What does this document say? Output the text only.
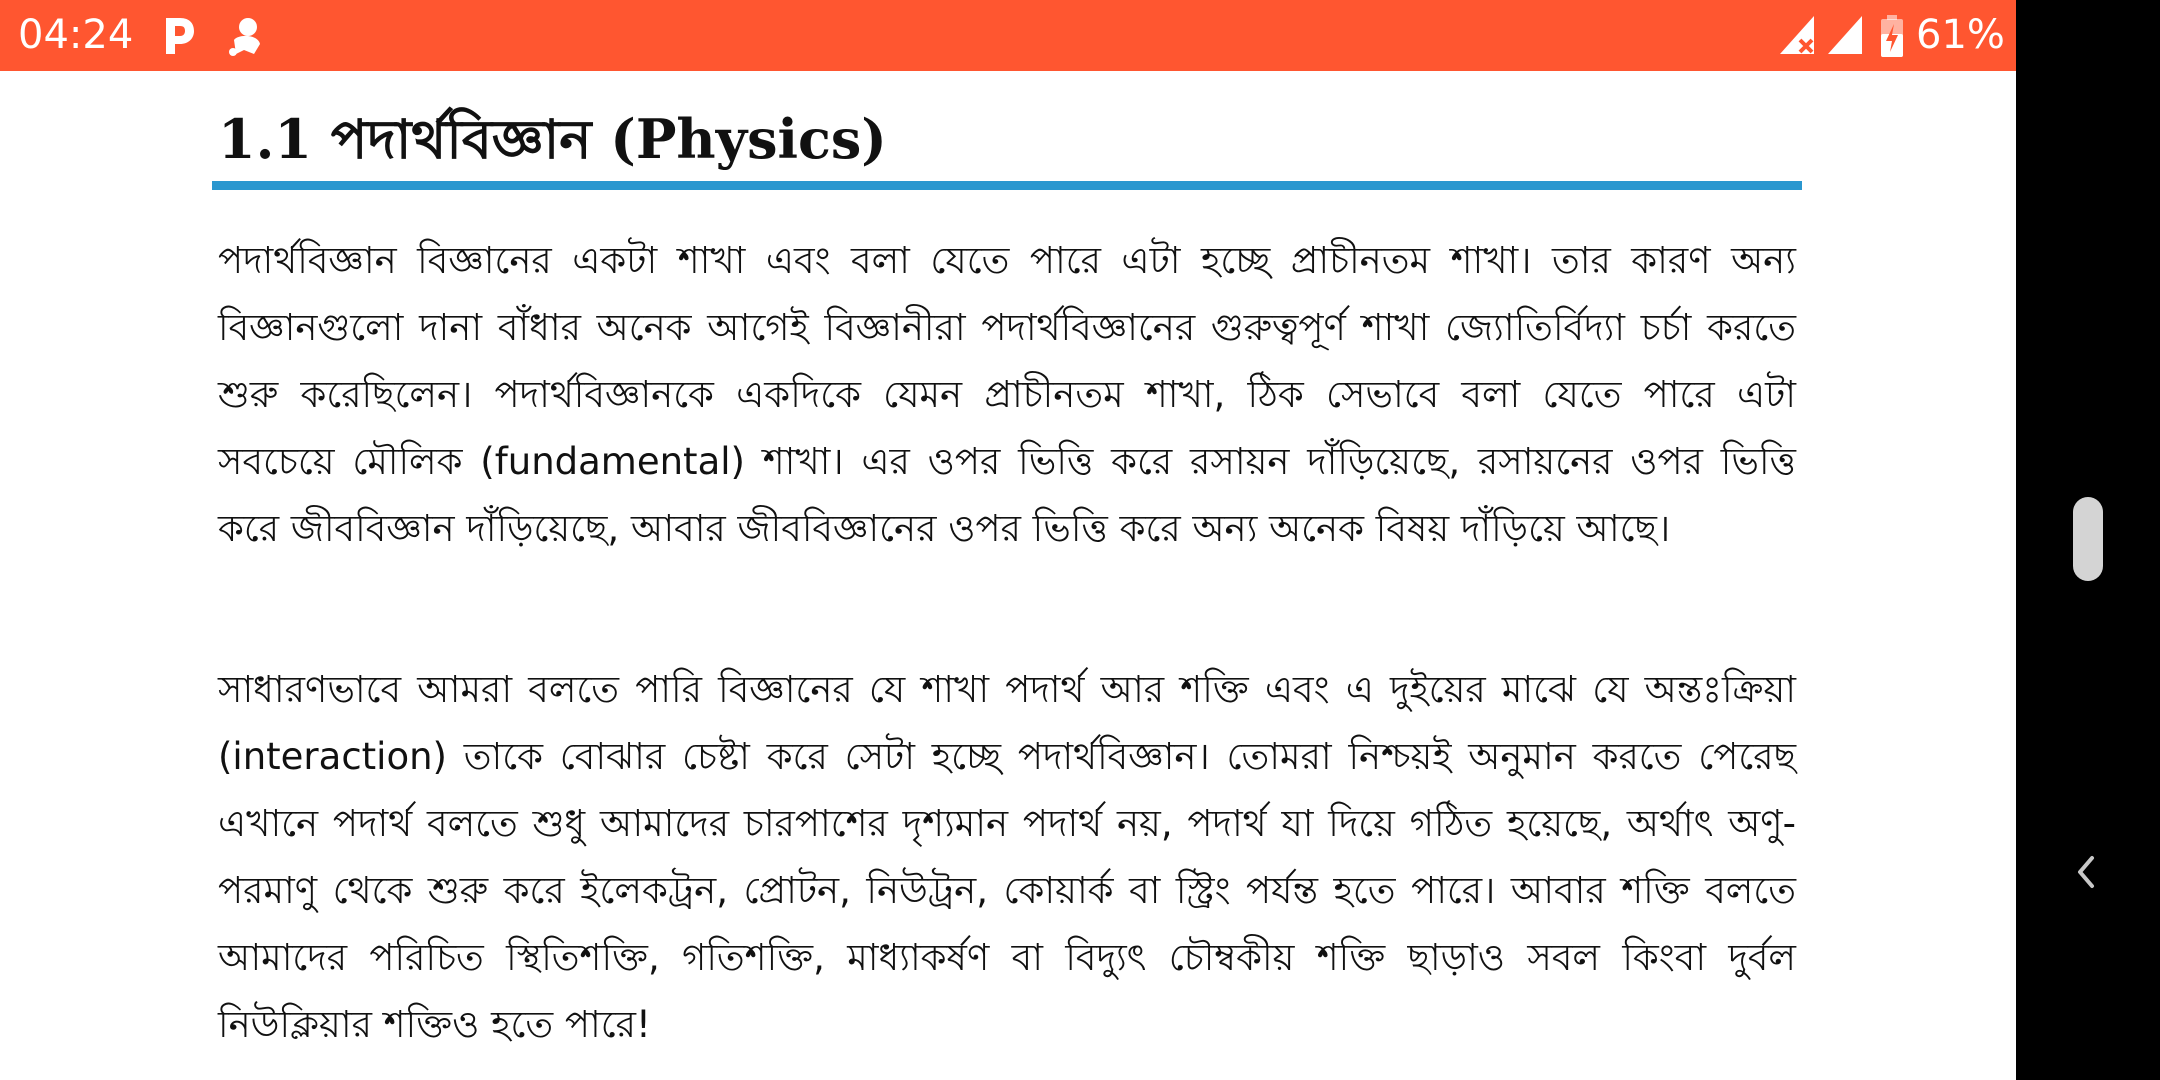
04:24	61%
1.1 পদার্থবিজ্ঞান (Physics)

পদার্থবিজ্ঞান বিজ্ঞানের একটা শাখা এবং বলা যেতে পারে এটা হচ্ছে প্রাচীনতম শাখা। তার কারণ অন্য বিজ্ঞানগুলো দানা বাঁধার অনেক আগেই বিজ্ঞানীরা পদার্থবিজ্ঞানের গুরুত্বপূর্ণ শাখা জ্যোতির্বিদ্যা চর্চা করতে শুরু করেছিলেন। পদার্থবিজ্ঞানকে একদিকে যেমন প্রাচীনতম শাখা, ঠিক সেভাবে বলা যেতে পারে এটা সবচেয়ে মৌলিক (fundamental) শাখা। এর ওপর ভিত্তি করে রসায়ন দাঁড়িয়েছে, রসায়নের ওপর ভিত্তি করে জীববিজ্ঞান দাঁড়িয়েছে, আবার জীববিজ্ঞানের ওপর ভিত্তি করে অন্য অনেক বিষয় দাঁড়িয়ে আছে।

সাধারণভাবে আমরা বলতে পারি বিজ্ঞানের যে শাখা পদার্থ আর শক্তি এবং এ দুইয়ের মাঝে যে অন্তঃক্রিয়া (interaction) তাকে বোঝার চেষ্টা করে সেটা হচ্ছে পদার্থবিজ্ঞান। তোমরা নিশ্চয়ই অনুমান করতে পেরেছ এখানে পদার্থ বলতে শুধু আমাদের চারপাশের দৃশ্যমান পদার্থ নয়, পদার্থ যা দিয়ে গঠিত হয়েছে, অর্থাৎ অণু-পরমাণু থেকে শুরু করে ইলেকট্রন, প্রোটন, নিউট্রন, কোয়ার্ক বা স্ট্রিং পর্যন্ত হতে পারে। আবার শক্তি বলতে আমাদের পরিচিত স্থিতিশক্তি, গতিশক্তি, মাধ্যাকর্ষণ বা বিদ্যুৎ চৌম্বকীয় শক্তি ছাড়াও সবল কিংবা দুর্বল নিউক্লিয়ার শক্তিও হতে পারে!
